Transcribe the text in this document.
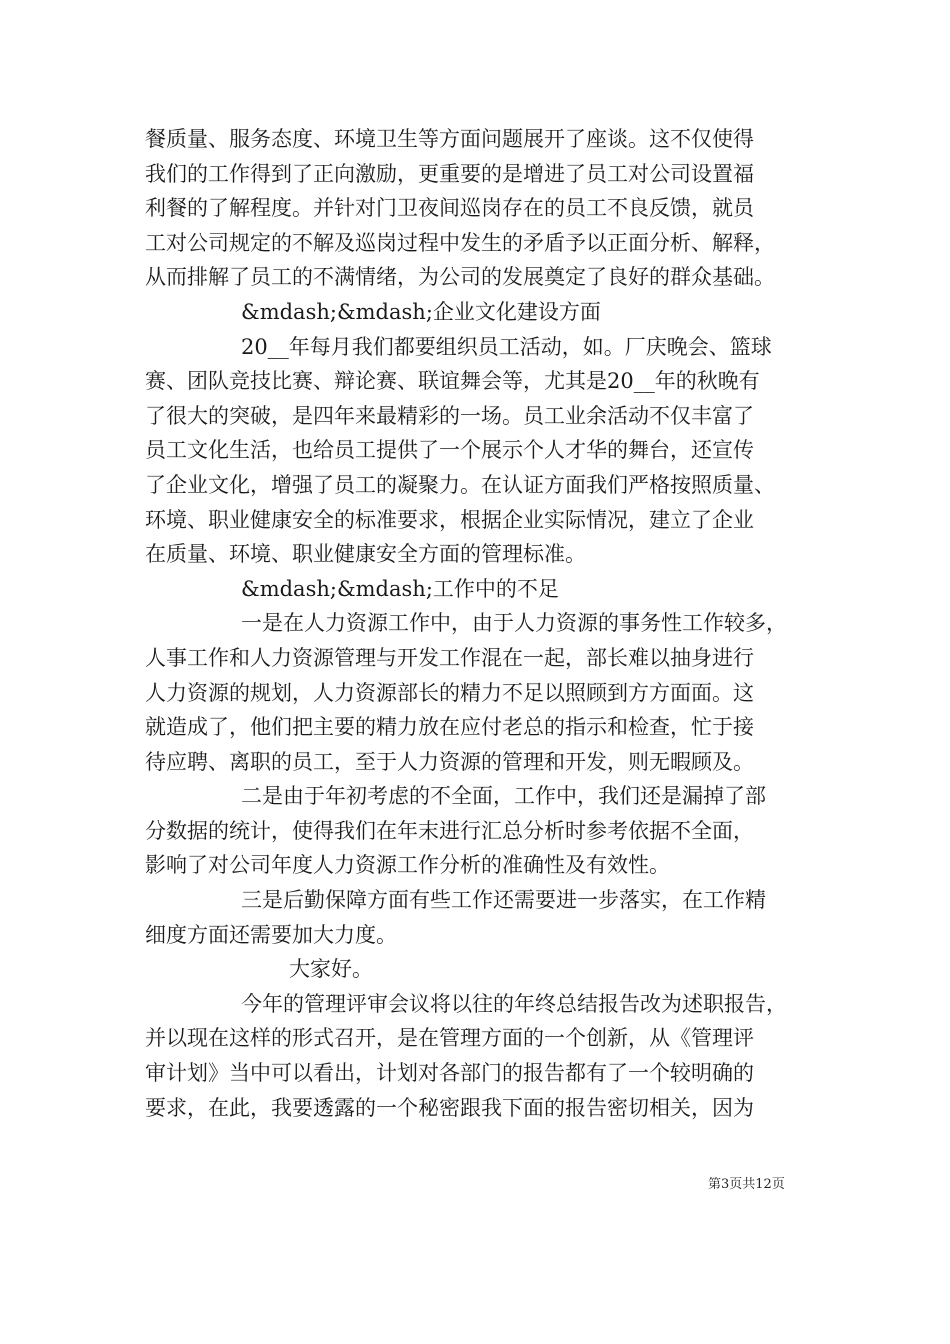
餐质量、服务态度、环境卫生等方面问题展开了座谈。这不仅使得
我们的工作得到了正向激励，更重要的是增进了员工对公司设置福
利餐的了解程度。并针对门卫夜间巡岗存在的员工不良反馈，就员
工对公司规定的不解及巡岗过程中发生的矛盾予以正面分析、解释，
从而排解了员工的不满情绪，为公司的发展奠定了良好的群众基础。
&mdash;&mdash;企业文化建设方面
20__年每月我们都要组织员工活动，如。厂庆晚会、篮球
赛、团队竞技比赛、辩论赛、联谊舞会等，尤其是20__年的秋晚有
了很大的突破，是四年来最精彩的一场。员工业余活动不仅丰富了
员工文化生活，也给员工提供了一个展示个人才华的舞台，还宣传
了企业文化，增强了员工的凝聚力。在认证方面我们严格按照质量、
环境、职业健康安全的标准要求，根据企业实际情况，建立了企业
在质量、环境、职业健康安全方面的管理标准。
&mdash;&mdash;工作中的不足
一是在人力资源工作中，由于人力资源的事务性工作较多，
人事工作和人力资源管理与开发工作混在一起，部长难以抽身进行
人力资源的规划，人力资源部长的精力不足以照顾到方方面面。这
就造成了，他们把主要的精力放在应付老总的指示和检查，忙于接
待应聘、离职的员工，至于人力资源的管理和开发，则无暇顾及。
二是由于年初考虑的不全面，工作中，我们还是漏掉了部
分数据的统计，使得我们在年末进行汇总分析时参考依据不全面，
影响了对公司年度人力资源工作分析的准确性及有效性。
三是后勤保障方面有些工作还需要进一步落实，在工作精
细度方面还需要加大力度。
大家好。
今年的管理评审会议将以往的年终总结报告改为述职报告，
并以现在这样的形式召开，是在管理方面的一个创新，从《管理评
审计划》当中可以看出，计划对各部门的报告都有了一个较明确的
要求，在此，我要透露的一个秘密跟我下面的报告密切相关，因为
第3页共12页
